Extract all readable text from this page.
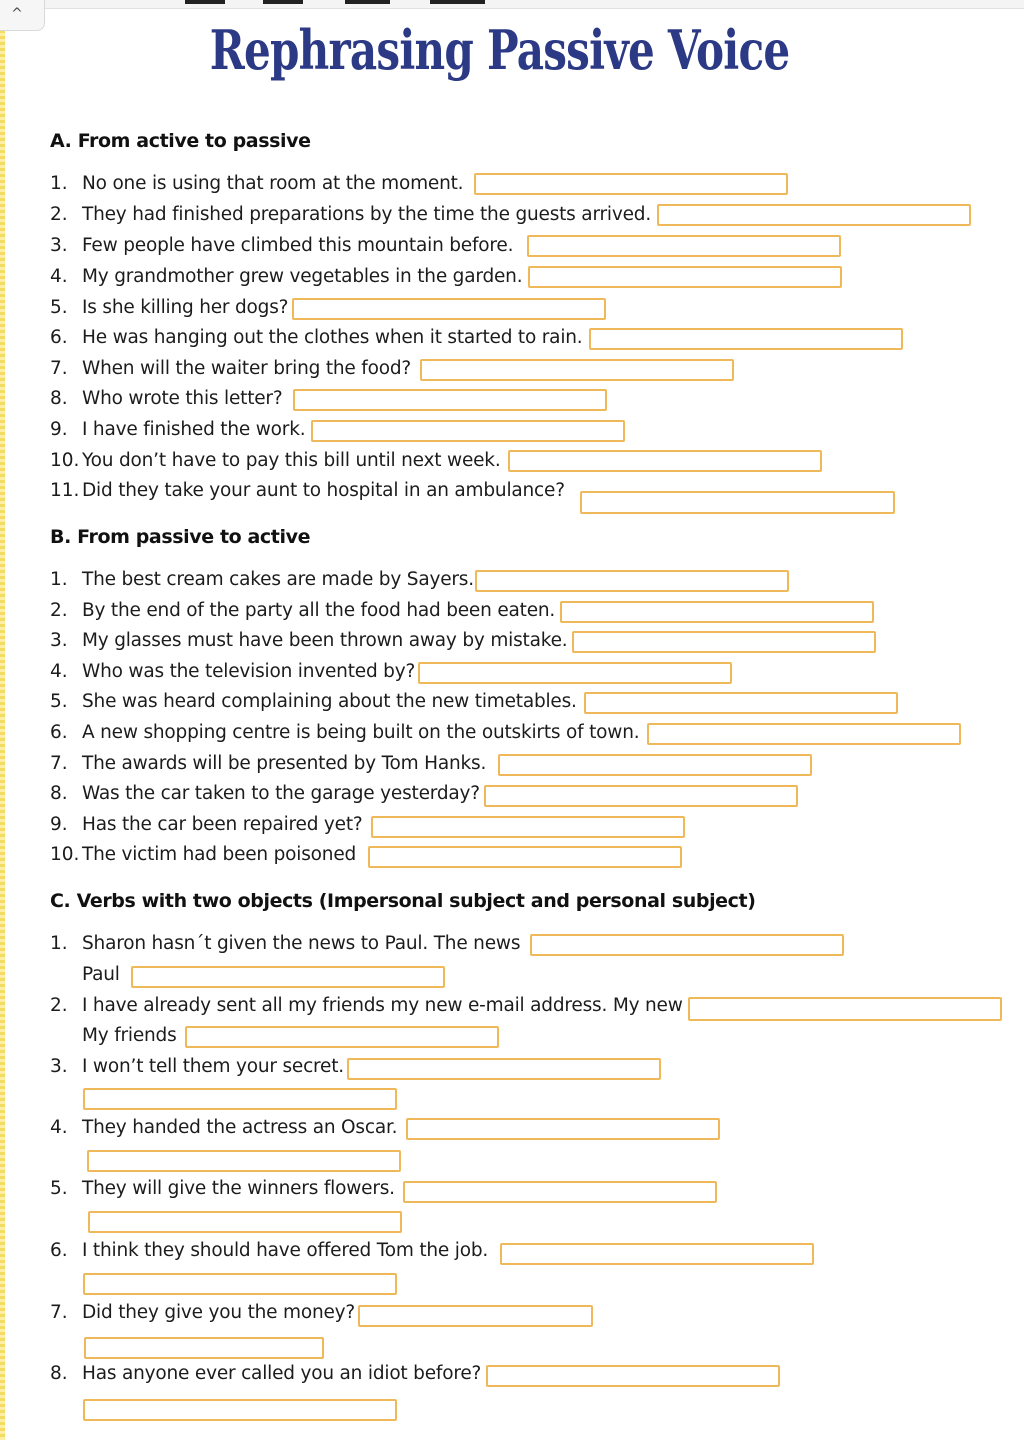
^
Rephrasing Passive Voice
A. From active to passive
1. No one is using that room at the moment.
2. They had finished preparations by the time the guests arrived.
3. Few people have climbed this mountain before.
4. My grandmother grew vegetables in the garden.
5. Is she killing her dogs?
6. He was hanging out the clothes when it started to rain.
7. When will the waiter bring the food?
8. Who wrote this letter?
9. I have finished the work.
10. You don’t have to pay this bill until next week.
11. Did they take your aunt to hospital in an ambulance?
B. From passive to active
1. The best cream cakes are made by Sayers.
2. By the end of the party all the food had been eaten.
3. My glasses must have been thrown away by mistake.
4. Who was the television invented by?
5. She was heard complaining about the new timetables.
6. A new shopping centre is being built on the outskirts of town.
7. The awards will be presented by Tom Hanks.
8. Was the car taken to the garage yesterday?
9. Has the car been repaired yet?
10. The victim had been poisoned
C. Verbs with two objects (Impersonal subject and personal subject)
1. Sharon hasn´t given the news to Paul. The news
Paul
2. I have already sent all my friends my new e-mail address. My new
My friends
3. I won’t tell them your secret.
4. They handed the actress an Oscar.
5. They will give the winners flowers.
6. I think they should have offered Tom the job.
7. Did they give you the money?
8. Has anyone ever called you an idiot before?
